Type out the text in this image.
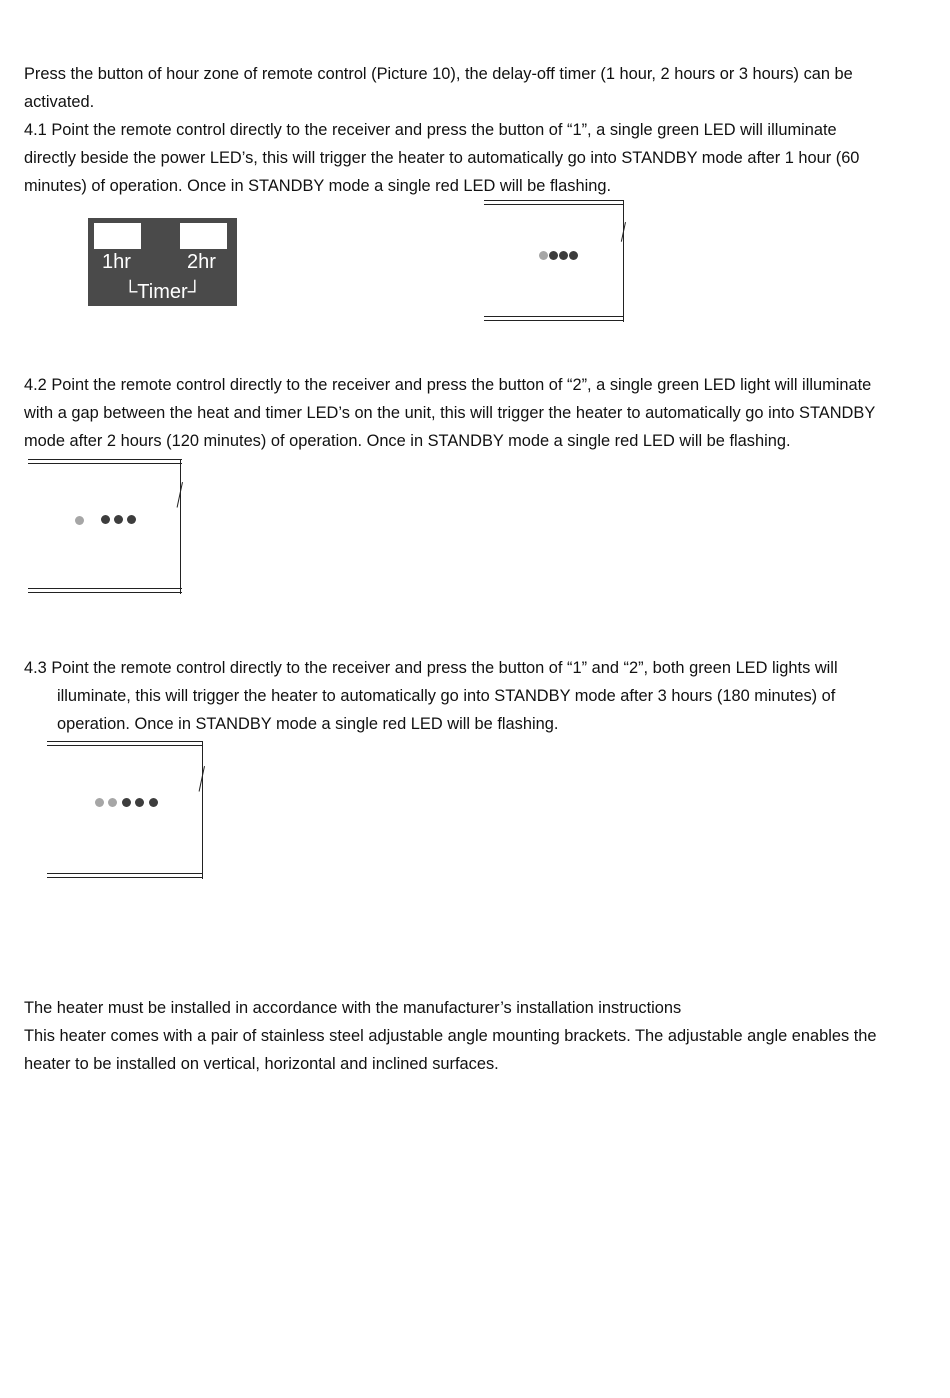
Press the button of hour zone of remote control (Picture 10), the delay-off timer (1 hour, 2 hours or 3 hours) can be
activated.
4.1 Point the remote control directly to the receiver and press the button of “1”, a single green LED will illuminate
directly beside the power LED’s, this will trigger the heater to automatically go into STANDBY mode after 1 hour (60
minutes) of operation. Once in STANDBY mode a single red LED will be flashing.
1hr	2hr
└Timer┘
4.2 Point the remote control directly to the receiver and press the button of “2”, a single green LED light will illuminate
with a gap between the heat and timer LED’s on the unit, this will trigger the heater to automatically go into STANDBY
mode after 2 hours (120 minutes) of operation. Once in STANDBY mode a single red LED will be flashing.
4.3 Point the remote control directly to the receiver and press the button of “1” and “2”, both green LED lights will
illuminate, this will trigger the heater to automatically go into STANDBY mode after 3 hours (180 minutes) of
operation. Once in STANDBY mode a single red LED will be flashing.
The heater must be installed in accordance with the manufacturer’s installation instructions
This heater comes with a pair of stainless steel adjustable angle mounting brackets. The adjustable angle enables the
heater to be installed on vertical, horizontal and inclined surfaces.
